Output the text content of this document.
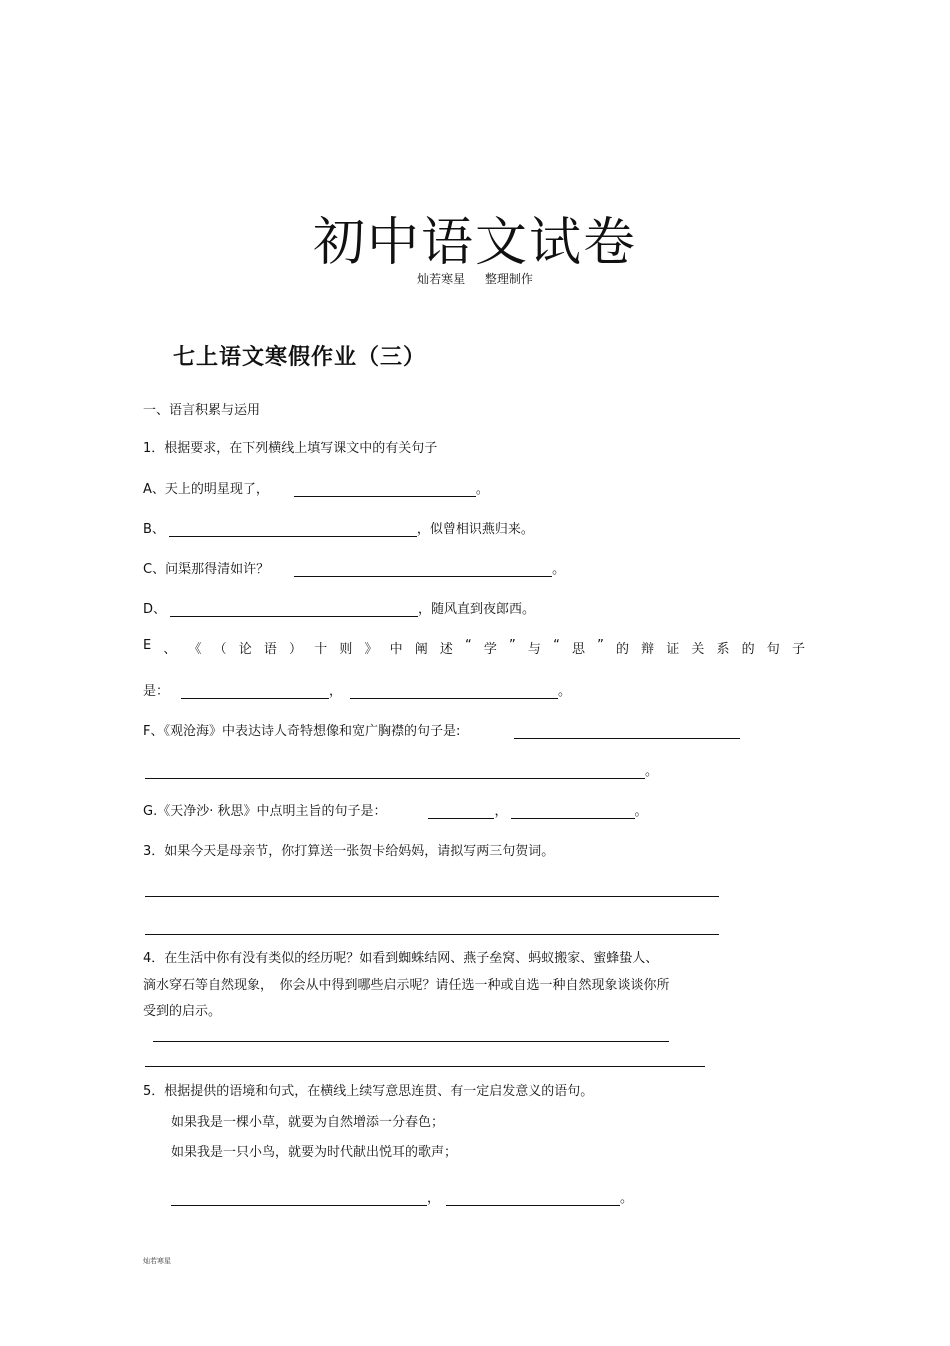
初中语文试卷
灿若寒星 整理制作
七上语文寒假作业（三）
一、语言积累与运用
1．根据要求，在下列横线上填写课文中的有关句子
A、天上的明星现了，	。
B、	，似曾相识燕归来。
C、问渠那得清如许？	。
D、	，随风直到夜郎西。
E 、 《 （ 论 语 ） 十 则 》 中 阐 述 “ 学 ” 与 “ 思 ” 的 辩 证 关 系 的 句 子
是：	，	。
F、《观沧海》中表达诗人奇特想像和宽广胸襟的句子是:
。
G.《天净沙· 秋思》中点明主旨的句子是：	，	。
3．如果今天是母亲节，你打算送一张贺卡给妈妈，请拟写两三句贺词。
4．在生活中你有没有类似的经历呢？如看到蜘蛛结网、燕子垒窝、蚂蚁搬家、蜜蜂蛰人、
滴水穿石等自然现象，　你会从中得到哪些启示呢？请任选一种或自选一种自然现象谈谈你所
受到的启示。
5．根据提供的语境和句式，在横线上续写意思连贯、有一定启发意义的语句。
如果我是一棵小草，就要为自然增添一分春色；
如果我是一只小鸟，就要为时代献出悦耳的歌声；
，	。
灿若寒星
